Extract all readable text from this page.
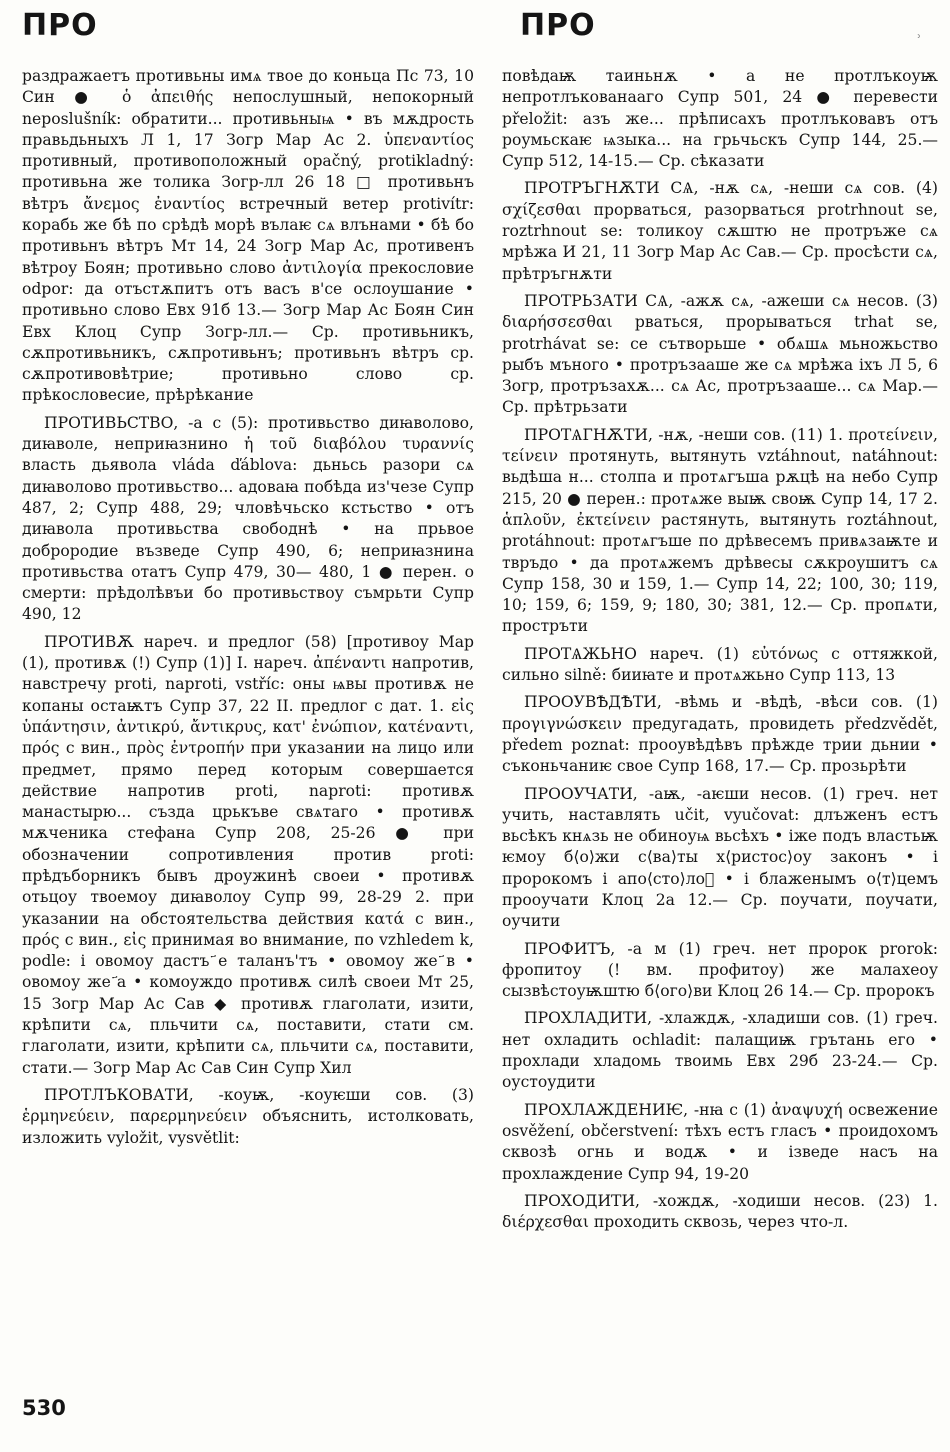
ПРО	ПРО	⸒

раздражаетъ противьны имѧ твое до коньца Пс 73, 10 Син ● ὁ ἀπειθής непослушный, непокорный neposlušník: обратити... противьныѩ • въ мѫдрость правьдьныхъ Л 1, 17 Зогр Мар Ас 2. ὑπεναντίος противный, противоположный opačný, protikladný: противьна же толика Зогр-лл 26 18 □ противьнъ вѣтръ ἄνεμος ἐναντίος встречный ветер protivítr: корабь же бѣ по срѣдѣ морѣ вълаѥ сѧ влънами • бѣ бо противьнъ вѣтръ Мт 14, 24 Зогр Мар Ас, противенъ вѣтроу Боян; противьно слово ἀντιλογία прекословие odpor: да отъстѫпитъ отъ васъ в'се ослоушание • противьно слово Евх 91б 13.— Зогр Мар Ас Боян Син Евх Клоц Супр Зогр-лл.— Ср. противьникъ, сѫпротивьникъ, сѫпротивьнъ; противьнъ вѣтръ ср. сѫпротивовѣтрие; противьно слово ср. прѣкословесие, прѣрѣкание

ПРОТИВЬСТВО, -а с (5): противьство диꙗволово, диꙗволе, неприꙗзнино ἡ τοῦ διαβόλου τυραννίς власть дьявола vláda ďáblova: дьньсь разори сѧ диꙗволово противьство... адоваꙗ побѣда из'чезе Супр 487, 2; Супр 488, 29; чловѣчьско кстьство • отъ диꙗвола противьства свободнѣ • на прьвое доброродие възведе Супр 490, 6; неприꙗзнина противьства отатъ Супр 479, 30— 480, 1 ● перен. о смерти: прѣдолѣвъи бо противьствоу съмрьти Супр 490, 12

ПРОТИВѪ нареч. и предлог (58) [противоу Мар (1), противѫ (!) Супр (1)] I. нареч. ἀπέναντι напротив, навстречу proti, naproti, vstříc: оны ѩвы противѫ не копаны остаѭтъ Супр 37, 22 II. предлог с дат. 1. εἰς ὑπάντησιν, ἀντικρύ, ἄντικρυς, κατ' ἐνώπιον, κατέναντι, πρός с вин., πρὸς ἐντροπήν при указании на лицо или предмет, прямо перед которым совершается действие напротив proti, naproti: противѫ манастырю... създа црькъве свѧтаго • противѫ мѫченика стефана Супр 208, 25-26 ● при обозначении сопротивления против proti: прѣдъборникъ бывъ дроужинѣ своеи • противѫ отьцоу твоемоу диꙗволоу Супр 99, 28-29 2. при указании на обстоятельства действия κατά с вин., πρός с вин., εἰς принимая во внимание, по vzhledem k, podle: і овомоу дастъ ҃е таланъ'тъ • овомоу же ҃в • овомоу же ҃а • комоуждо противѫ силѣ своеи Мт 25, 15 Зогр Мар Ас Сав ◆ противѫ глаголати, изити, крѣпити сѧ, пльчити сѧ, поставити, стати см. глаголати, изити, крѣпити сѧ, пльчити сѧ, поставити, стати.— Зогр Мар Ас Сав Син Супр Хил

ПРОТЛЪКОВАТИ, -коуѭ, -коуѥши сов. (3) ἑρμηνεύειν, παρερμηνεύειν объяснить, истолковать, изложить vyložit, vysvětlit:

повѣдаѭ таиньнѫ • а не протлъкоуѭ непротлъкованааго Супр 501, 24 ● перевести přeložit: азъ же... прѣписахъ протлъковавъ отъ роумьскаѥ ѩзыка... на грьчьскъ Супр 144, 25.— Супр 512, 14-15.— Ср. сѣказати

ПРОТРЪГНѪТИ СѦ, -нѫ сѧ, -неши сѧ сов. (4) σχίζεσθαι прорваться, разорваться protrhnout se, roztrhnout se: толикоу сѫштю не протръже сѧ мрѣжа И 21, 11 Зогр Мар Ас Сав.— Ср. просѣсти сѧ, прѣтръгнѫти

ПРОТРЬЗАТИ СѦ, -ажѫ сѧ, -ажеши сѧ несов. (3) διαρήσσεσθαι рваться, прорываться trhat se, protrhávat se: се сътворьше • обѧшѧ мьножьство рыбъ мъного • протръзааше же сѧ мрѣжа іхъ Л 5, 6 Зогр, протръзахѫ... сѧ Ас, протръзааше... сѧ Мар.— Ср. прѣтрьзати

ПРОТѦГНѪТИ, -нѫ, -неши сов. (11) 1. προτείνειν, τείνειν протянуть, вытянуть vztáhnout, natáhnout: вьдѣша н... столпа и протѧгъша рѫцѣ на небо Супр 215, 20 ● перен.: протѧже выѭ своѭ Супр 14, 17 2. ἁπλοῦν, ἐκτείνειν растянуть, вытянуть roztáhnout, protáhnout: протѧгъше по дрѣвесемъ привѧзаѭте и твръдо • да протѧжемъ дрѣвесы сѫкроушитъ сѧ Супр 158, 30 и 159, 1.— Супр 14, 22; 100, 30; 119, 10; 159, 6; 159, 9; 180, 30; 381, 12.— Ср. пропѧти, простръти

ПРОТѦЖЬНО нареч. (1) εὐτόνως с оттяжкой, сильно silně: бииꙗте и протѧжьно Супр 113, 13

ПРООУВѢДѢТИ, -вѣмь и -вѣдѣ, -вѣси сов. (1) προγιγνώσκειν предугадать, провидеть předzvědět, předem poznat: прооувѣдѣвъ прѣжде трии дьнии • съконьчаниѥ свое Супр 168, 17.— Ср. прозьрѣти

ПРООУЧАТИ, -аѭ, -аѥши несов. (1) греч. нет учить, наставлять učit, vyučovat: длъженъ естъ вьсѣкъ кнѧзь не обиноуѩ вьсѣхъ • іже подъ властьѭ ѥмоу б⟨о⟩жи с⟨ва⟩ты х⟨ристос⟩оу законъ • і пророкомъ і апо⟨сто⟩лоⷨ • і блаженымъ о⟨т⟩цемъ прооучати Клоц 2а 12.— Ср. поучати, поучати, оучити

ПРОФИТЪ, -а м (1) греч. нет пророк prorok: фропитоу (! вм. профитоу) же малахеоу сызвѣстоуѭштю б⟨ого⟩ви Клоц 26 14.— Ср. пророкъ

ПРОХЛАДИТИ, -хлаждѫ, -хладиши сов. (1) греч. нет охладить ochladit: палащиѭ грътань его • прохлади хладомь твоимь Евх 29б 23-24.— Ср. оустоудити

ПРОХЛАЖДЕНИѤ, -нꙗ с (1) ἀναψυχή освежение osvěžení, občerstvení: тѣхъ естъ гласъ • проидохомъ сквозѣ огнь и водѫ • и ізведе насъ на прохлаждение Супр 94, 19-20

ПРОХОДИТИ, -хождѫ, -ходиши несов. (23) 1. διέρχεσθαι проходить сквозь, через что-л.

530
